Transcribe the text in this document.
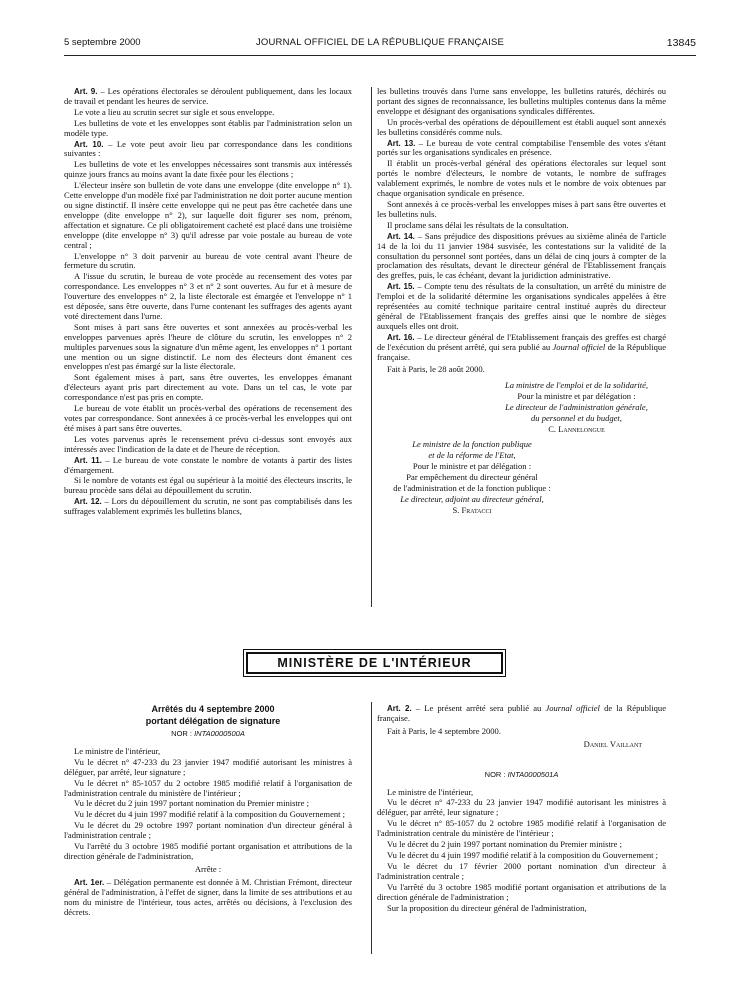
5 septembre 2000	JOURNAL OFFICIEL DE LA RÉPUBLIQUE FRANÇAISE	13845

Art. 9. – Les opérations électorales se déroulent publiquement, dans les locaux de travail et pendant les heures de service.

Le vote a lieu au scrutin secret sur sigle et sous enveloppe.

Les bulletins de vote et les enveloppes sont établis par l'administration selon un modèle type.

Art. 10. – Le vote peut avoir lieu par correspondance dans les conditions suivantes :

Les bulletins de vote et les enveloppes nécessaires sont transmis aux intéressés quinze jours francs au moins avant la date fixée pour les élections ;

L'électeur insère son bulletin de vote dans une enveloppe (dite enveloppe n° 1). Cette enveloppe d'un modèle fixé par l'administration ne doit porter aucune mention ou signe distinctif. Il insère cette enveloppe qui ne peut pas être cachetée dans une enveloppe (dite enveloppe n° 2), sur laquelle doit figurer ses nom, prénom, affectation et signature. Ce pli obligatoirement cacheté est placé dans une troisième enveloppe (dite enveloppe n° 3) qu'il adresse par voie postale au bureau de vote central ;

L'enveloppe n° 3 doit parvenir au bureau de vote central avant l'heure de fermeture du scrutin.

A l'issue du scrutin, le bureau de vote procède au recensement des votes par correspondance. Les enveloppes n° 3 et n° 2 sont ouvertes. Au fur et à mesure de l'ouverture des enveloppes n° 2, la liste électorale est émargée et l'enveloppe n° 1 est déposée, sans être ouverte, dans l'urne contenant les suffrages des agents ayant voté directement dans l'urne.

Sont mises à part sans être ouvertes et sont annexées au procès-verbal les enveloppes parvenues après l'heure de clôture du scrutin, les enveloppes n° 2 multiples parvenues sous la signature d'un même agent, les enveloppes n° 1 portant une mention ou un signe distinctif. Le nom des électeurs dont émanent ces enveloppes n'est pas émargé sur la liste électorale.

Sont également mises à part, sans être ouvertes, les enveloppes émanant d'électeurs ayant pris part directement au vote. Dans un tel cas, le vote par correspondance n'est pas pris en compte.

Le bureau de vote établit un procès-verbal des opérations de recensement des votes par correspondance. Sont annexées à ce procès-verbal les enveloppes qui ont été mises à part sans être ouvertes.

Les votes parvenus après le recensement prévu ci-dessus sont envoyés aux intéressés avec l'indication de la date et de l'heure de réception.

Art. 11. – Le bureau de vote constate le nombre de votants à partir des listes d'émargement.

Si le nombre de votants est égal ou supérieur à la moitié des électeurs inscrits, le bureau procède sans délai au dépouillement du scrutin.

Art. 12. – Lors du dépouillement du scrutin, ne sont pas comptabilisés dans les suffrages valablement exprimés les bulletins blancs,

les bulletins trouvés dans l'urne sans enveloppe, les bulletins raturés, déchirés ou portant des signes de reconnaissance, les bulletins multiples contenus dans la même enveloppe et désignant des organisations syndicales différentes.

Un procès-verbal des opérations de dépouillement est établi auquel sont annexés les bulletins considérés comme nuls.

Art. 13. – Le bureau de vote central comptabilise l'ensemble des votes s'étant portés sur les organisations syndicales en présence.

Il établit un procès-verbal général des opérations électorales sur lequel sont portés le nombre d'électeurs, le nombre de votants, le nombre de suffrages valablement exprimés, le nombre de votes nuls et le nombre de voix obtenues par chaque organisation syndicale en présence.

Sont annexés à ce procès-verbal les enveloppes mises à part sans être ouvertes et les bulletins nuls.

Il proclame sans délai les résultats de la consultation.

Art. 14. – Sans préjudice des dispositions prévues au sixième alinéa de l'article 14 de la loi du 11 janvier 1984 susvisée, les contestations sur la validité de la consultation du personnel sont portées, dans un délai de cinq jours à compter de la proclamation des résultats, devant le directeur général de l'Etablissement français des greffes, puis, le cas échéant, devant la juridiction administrative.

Art. 15. – Compte tenu des résultats de la consultation, un arrêté du ministre de l'emploi et de la solidarité détermine les organisations syndicales appelées à être représentées au comité technique paritaire central institué auprès du directeur général de l'Etablissement français des greffes ainsi que le nombre de sièges auxquels elles ont droit.

Art. 16. – Le directeur général de l'Etablissement français des greffes est chargé de l'exécution du présent arrêté, qui sera publié au Journal officiel de la République française.

Fait à Paris, le 28 août 2000.

La ministre de l'emploi et de la solidarité,

Pour la ministre et par délégation :

Le directeur de l'administration générale,

du personnel et du budget,

C. Lannelongue

Le ministre de la fonction publique

et de la réforme de l'Etat,

Pour le ministre et par délégation :

Par empêchement du directeur général

de l'administration et de la fonction publique :

Le directeur, adjoint au directeur général,

S. Fratacci

MINISTÈRE DE L'INTÉRIEUR

Arrêtés du 4 septembre 2000

portant délégation de signature

NOR : INTA0000500A

Le ministre de l'intérieur,

Vu le décret n° 47-233 du 23 janvier 1947 modifié autorisant les ministres à déléguer, par arrêté, leur signature ;

Vu le décret n° 85-1057 du 2 octobre 1985 modifié relatif à l'organisation de l'administration centrale du ministère de l'intérieur ;

Vu le décret du 2 juin 1997 portant nomination du Premier ministre ;

Vu le décret du 4 juin 1997 modifié relatif à la composition du Gouvernement ;

Vu le décret du 29 octobre 1997 portant nomination d'un directeur général à l'administration centrale ;

Vu l'arrêté du 3 octobre 1985 modifié portant organisation et attributions de la direction générale de l'administration,

Arrête :

Art. 1er. – Délégation permanente est donnée à M. Christian Frémont, directeur général de l'administration, à l'effet de signer, dans la limite de ses attributions et au nom du ministre de l'intérieur, tous actes, arrêtés ou décisions, à l'exclusion des décrets.

Art. 2. – Le présent arrêté sera publié au Journal officiel de la République française.

Fait à Paris, le 4 septembre 2000.

Daniel Vaillant

NOR : INTA0000501A

Le ministre de l'intérieur,

Vu le décret n° 47-233 du 23 janvier 1947 modifié autorisant les ministres à déléguer, par arrêté, leur signature ;

Vu le décret n° 85-1057 du 2 octobre 1985 modifié relatif à l'organisation de l'administration centrale du ministère de l'intérieur ;

Vu le décret du 2 juin 1997 portant nomination du Premier ministre ;

Vu le décret du 4 juin 1997 modifié relatif à la composition du Gouvernement ;

Vu le décret du 17 février 2000 portant nomination d'un directeur à l'administration centrale ;

Vu l'arrêté du 3 octobre 1985 modifié portant organisation et attributions de la direction générale de l'administration ;

Sur la proposition du directeur général de l'administration,
